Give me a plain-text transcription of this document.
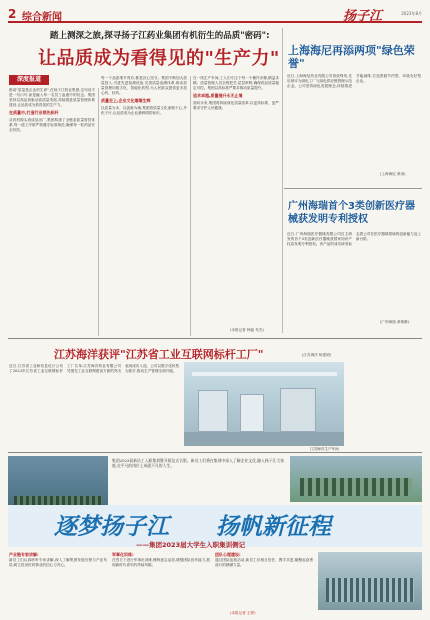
2 综合新闻	扬子江	2023年8月
踏上测深之旅,探寻扬子江药业集团有机衍生的品质"密码":
让品质成为看得见的"生产力"
深度报道
都说"质量是企业的生命",在扬子江药业集团,这句话不是一句口号,而是融入每一名员工血液中的信念。集团坚持以高品质驱动高质量发展,持续推进质量管理体系建设,让品质成为看得见的生产力。
在质量中,打造行业领先标杆
从药材源头到成品出厂,集团构建了全链条质量管控体系,每一道工序都严格遵守标准规范,确保每一粒药品安全有效。
每一个品质细节背后,都是匠心坚守。集团不断加大质量投入,引进先进检测设备,完善质量追溯体系,推动质量管理向数字化、智能化转型,为人民群众提供更多放心药、好药。
质量至上,企业文化熠熠生辉
以质量为本、以创新为魂,集团将质量文化深植于心,外化于行,让品质成为企业最鲜明的标识。
在一线生产车间,工人们专注于每一个操作步骤,精益求精。质量管理人员全程把关,层层审核,确保药品质量稳定可控。集团以高标准严要求推动质量提升。
追求卓越,质量提升永无止境
面向未来,集团将持续深化质量改革,以更高标准、更严要求守护人民健康。
(本报记者 韩毅 朱杰)
上海海尼再添两项"绿色荣誉"
近日,上海海尼药业有限公司再获殊荣,先后被评为绿色工厂与绿色供应链管理示范企业。公司坚持绿色发展理念,持续推进节能减排,打造资源节约型、环境友好型企业。
(上海海尼 黄涛)
广州海瑞首个3类创新医疗器械获发明专利授权
近日,广州海瑞医疗器械有限公司自主研发的首个3类创新医疗器械获国家知识产权局发明专利授权。该产品的成功研发标志着公司在医疗器械领域的创新能力迈上新台阶。
(广州海瑞 黄雅琳)
江苏海洋获评"江苏省工业互联网标杆工厂"
近日,江苏省工业和信息化厅公布了2023年江苏省工业互联网标杆工厂名单,江苏海洋药业有限公司凭借在工业互联网建设方面的突出表现成功入选。公司以数字化转型为抓手,推动生产管理全面升级。
(江苏海洋 杨建明)
江苏海洋生产车间
集团2023届新员工入职集训暨开班仪式合影。新员工们将在集训中深入了解企业文化,融入扬子江大家庭,在平凡的岗位上成就不凡的人生。
逐梦扬子江 扬帆新征程
——集团2023届大学生入职集训侧记
产业链专家讲解:
新员工们认真聆听专家讲解,深入了解集团发展历程与产业布局,树立投身医药事业的信心与决心。
军事化训练:
在烈日下进行军事化训练,锤炼意志品质,增强团队协作能力,展现新时代青年的昂扬风貌。
团队心理建设:
通过团队拓展活动,新员工们相互信任、携手共进,凝聚起奋勇前行的磅礴力量。
(本报记者 王婷)
